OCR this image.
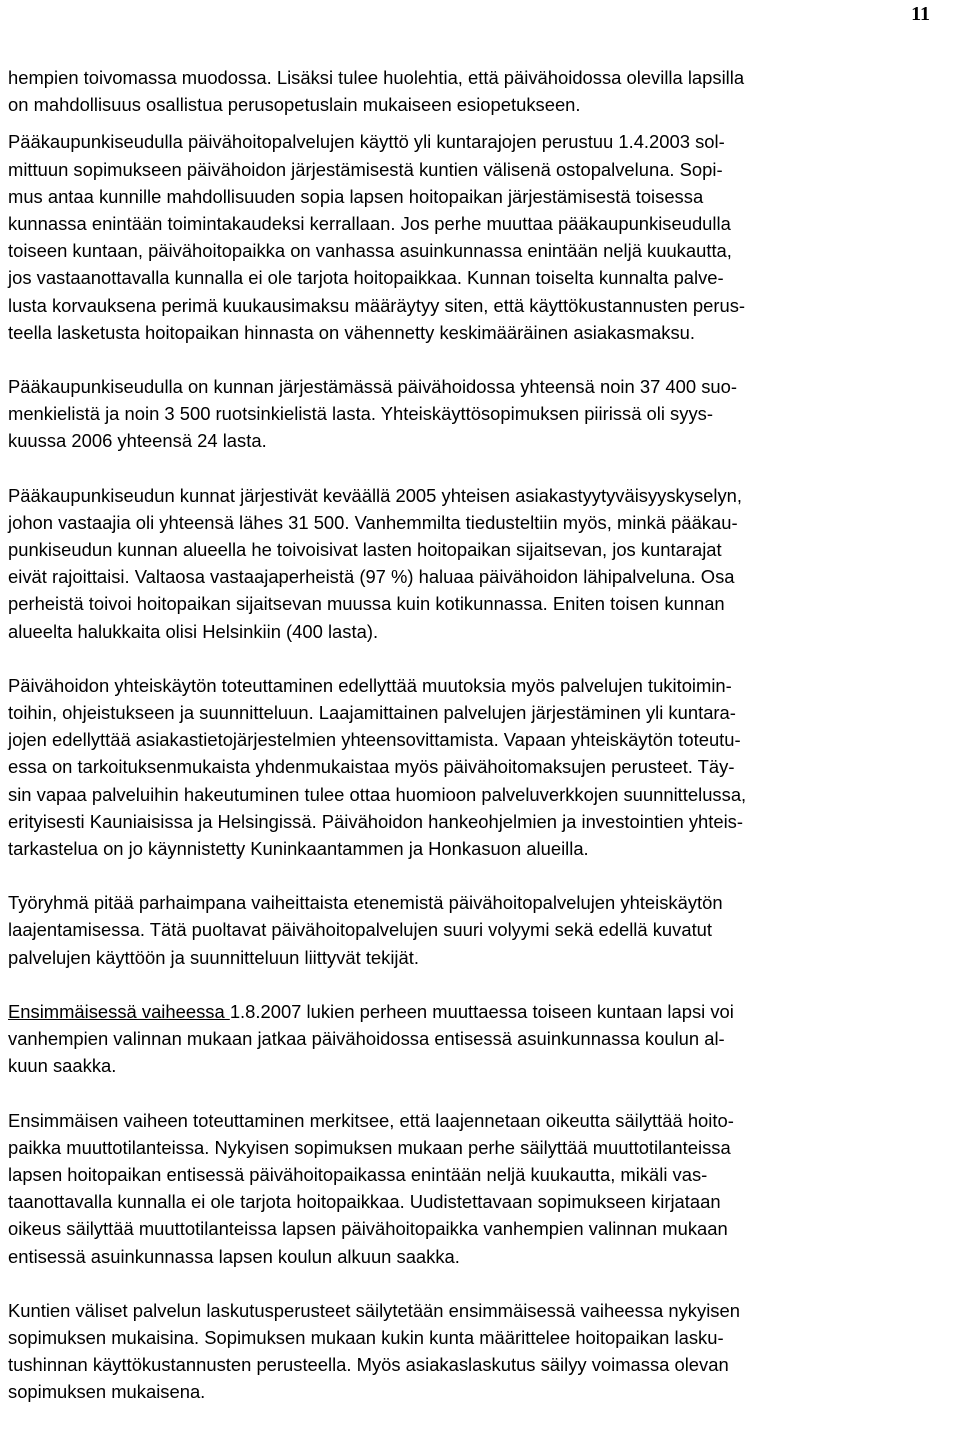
11

hempien toivomassa muodossa. Lisäksi tulee huolehtia, että päivähoidossa olevilla lapsilla
on mahdollisuus osallistua perusopetuslain mukaiseen esiopetukseen.

Pääkaupunkiseudulla päivähoitopalvelujen käyttö yli kuntarajojen perustuu 1.4.2003 sol-
mittuun sopimukseen päivähoidon järjestämisestä kuntien välisenä ostopalveluna. Sopi-
mus antaa kunnille mahdollisuuden sopia lapsen hoitopaikan järjestämisestä toisessa
kunnassa enintään toimintakaudeksi kerrallaan. Jos perhe muuttaa pääkaupunkiseudulla
toiseen kuntaan, päivähoitopaikka on vanhassa asuinkunnassa enintään neljä kuukautta,
jos vastaanottavalla kunnalla ei ole tarjota hoitopaikkaa. Kunnan toiselta kunnalta palve-
lusta korvauksena perimä kuukausimaksu määräytyy siten, että käyttökustannusten perus-
teella lasketusta hoitopaikan hinnasta on vähennetty keskimääräinen asiakasmaksu.

Pääkaupunkiseudulla on kunnan järjestämässä päivähoidossa yhteensä noin 37 400 suo-
menkielistä ja noin 3 500 ruotsinkielistä lasta. Yhteiskäyttösopimuksen piirissä oli syys-
kuussa 2006 yhteensä 24 lasta.

Pääkaupunkiseudun kunnat järjestivät keväällä 2005 yhteisen asiakastyytyväisyyskyselyn,
johon vastaajia oli yhteensä lähes 31 500. Vanhemmilta tiedusteltiin myös, minkä pääkau-
punkiseudun kunnan alueella he toivoisivat lasten hoitopaikan sijaitsevan, jos kuntarajat
eivät rajoittaisi. Valtaosa vastaajaperheistä (97 %) haluaa päivähoidon lähipalveluna. Osa
perheistä toivoi hoitopaikan sijaitsevan muussa kuin kotikunnassa. Eniten toisen kunnan
alueelta halukkaita olisi Helsinkiin (400 lasta).

Päivähoidon yhteiskäytön toteuttaminen edellyttää muutoksia myös palvelujen tukitoimin-
toihin, ohjeistukseen ja suunnitteluun. Laajamittainen palvelujen järjestäminen yli kuntara-
jojen edellyttää asiakastietojärjestelmien yhteensovittamista. Vapaan yhteiskäytön toteutu-
essa on tarkoituksenmukaista yhdenmukaistaa myös päivähoitomaksujen perusteet. Täy-
sin vapaa palveluihin hakeutuminen tulee ottaa huomioon palveluverkkojen suunnittelussa,
erityisesti Kauniaisissa ja Helsingissä. Päivähoidon hankeohjelmien ja investointien yhteis-
tarkastelua on jo käynnistetty Kuninkaantammen ja Honkasuon alueilla.

Työryhmä pitää parhaimpana vaiheittaista etenemistä päivähoitopalvelujen yhteiskäytön
laajentamisessa. Tätä puoltavat päivähoitopalvelujen suuri volyymi sekä edellä kuvatut
palvelujen käyttöön ja suunnitteluun liittyvät tekijät.

Ensimmäisessä vaiheessa 1.8.2007 lukien perheen muuttaessa toiseen kuntaan lapsi voi
vanhempien valinnan mukaan jatkaa päivähoidossa entisessä asuinkunnassa koulun al-
kuun saakka.

Ensimmäisen vaiheen toteuttaminen merkitsee, että laajennetaan oikeutta säilyttää hoito-
paikka muuttotilanteissa. Nykyisen sopimuksen mukaan perhe säilyttää muuttotilanteissa
lapsen hoitopaikan entisessä päivähoitopaikassa enintään neljä kuukautta, mikäli vas-
taanottavalla kunnalla ei ole tarjota hoitopaikkaa. Uudistettavaan sopimukseen kirjataan
oikeus säilyttää muuttotilanteissa lapsen päivähoitopaikka vanhempien valinnan mukaan
entisessä asuinkunnassa lapsen koulun alkuun saakka.

Kuntien väliset palvelun laskutusperusteet säilytetään ensimmäisessä vaiheessa nykyisen
sopimuksen mukaisina. Sopimuksen mukaan kukin kunta määrittelee hoitopaikan lasku-
tushinnan käyttökustannusten perusteella. Myös asiakaslaskutus säilyy voimassa olevan
sopimuksen mukaisena.
